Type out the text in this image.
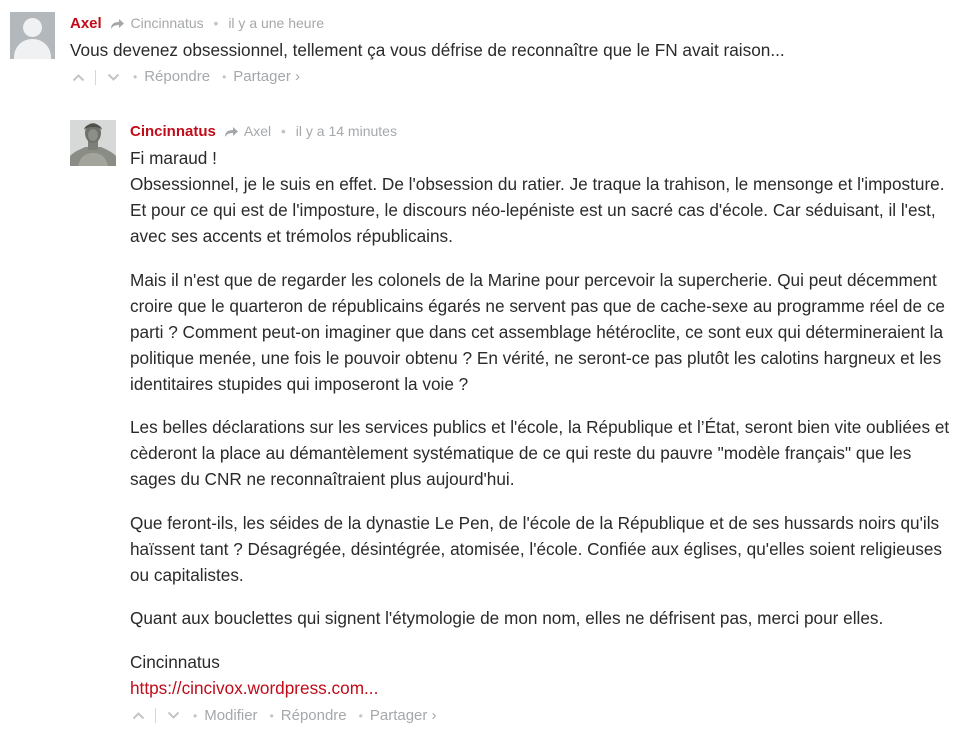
Axel Cincinnatus • il y a une heure

Vous devenez obsessionnel, tellement ça vous défrise de reconnaître que le FN avait raison...

• Répondre • Partager ›
Cincinnatus Axel • il y a 14 minutes

Fi maraud !

Obsessionnel, je le suis en effet. De l'obsession du ratier. Je traque la trahison, le mensonge et l'imposture. Et pour ce qui est de l'imposture, le discours néo-lepéniste est un sacré cas d'école. Car séduisant, il l'est, avec ses accents et trémolos républicains.

Mais il n'est que de regarder les colonels de la Marine pour percevoir la supercherie. Qui peut décemment croire que le quarteron de républicains égarés ne servent pas que de cache-sexe au programme réel de ce parti ? Comment peut-on imaginer que dans cet assemblage hétéroclite, ce sont eux qui détermineraient la politique menée, une fois le pouvoir obtenu ? En vérité, ne seront-ce pas plutôt les calotins hargneux et les identitaires stupides qui imposeront la voie ?

Les belles déclarations sur les services publics et l'école, la République et l’État, seront bien vite oubliées et cèderont la place au démantèlement systématique de ce qui reste du pauvre "modèle français" que les sages du CNR ne reconnaîtraient plus aujourd'hui.

Que feront-ils, les séides de la dynastie Le Pen, de l'école de la République et de ses hussards noirs qu'ils haïssent tant ? Désagrégée, désintégrée, atomisée, l'école. Confiée aux églises, qu'elles soient religieuses ou capitalistes.

Quant aux bouclettes qui signent l'étymologie de mon nom, elles ne défrisent pas, merci pour elles.

Cincinnatus

https://cincivox.wordpress.com...

• Modifier • Répondre • Partager ›
